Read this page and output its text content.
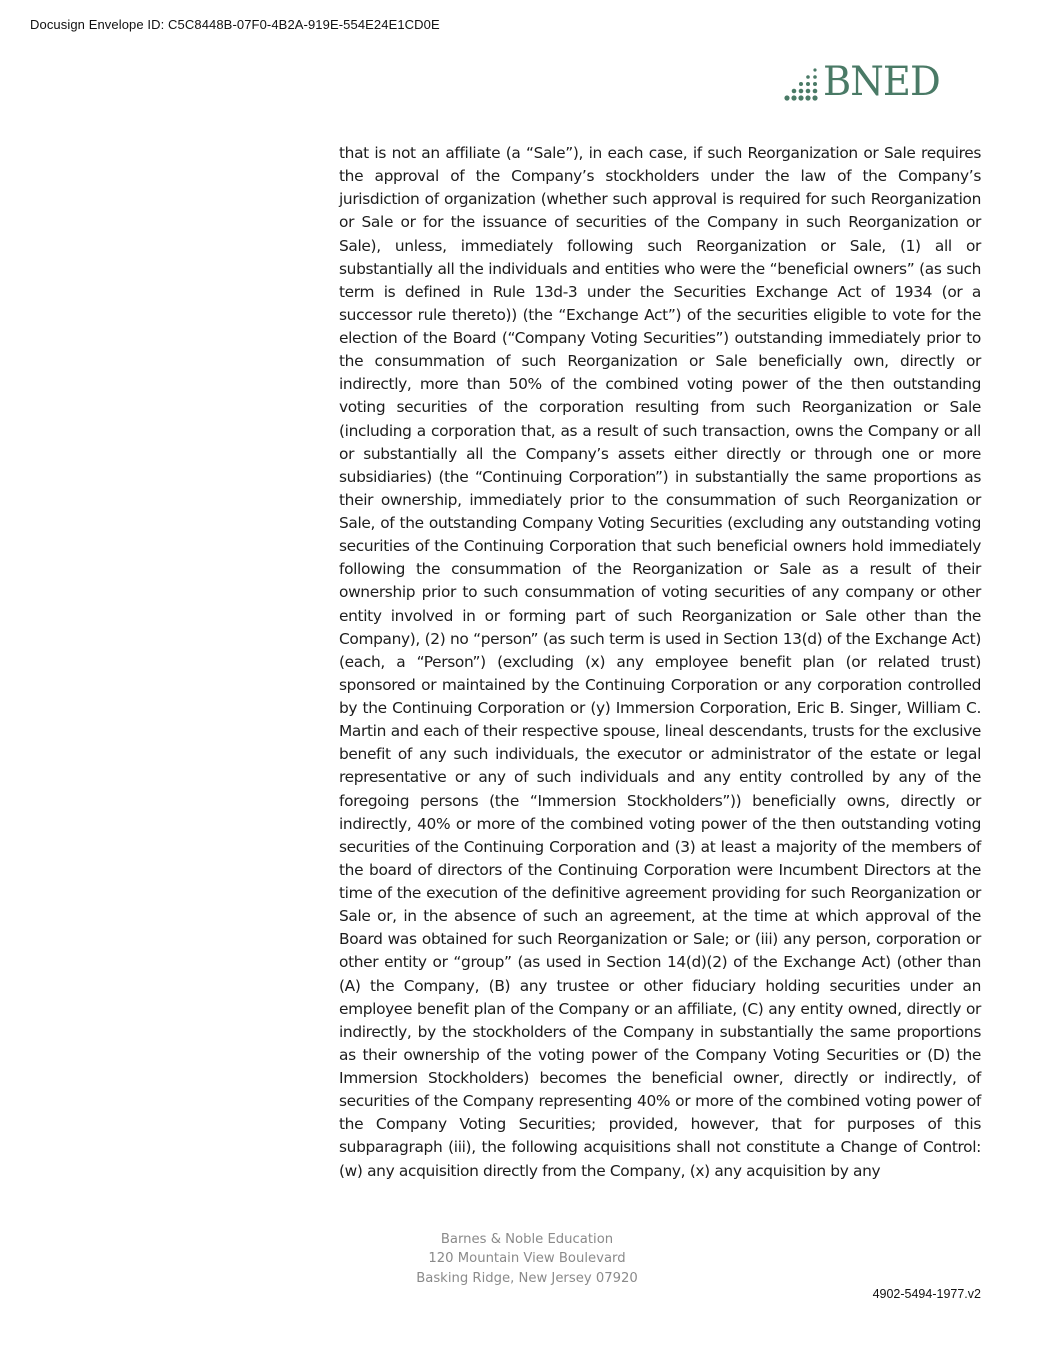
Docusign Envelope ID: C5C8448B-07F0-4B2A-919E-554E24E1CD0E
BNED

that is not an affiliate (a “Sale”), in each case, if such Reorganization or Sale requires the approval of the Company’s stockholders under the law of the Company’s jurisdiction of organization (whether such approval is required for such Reorganization or Sale or for the issuance of securities of the Company in such Reorganization or Sale), unless, immediately following such Reorganization or Sale, (1) all or substantially all the individuals and entities who were the “beneficial owners” (as such term is defined in Rule 13d-3 under the Securities Exchange Act of 1934 (or a successor rule thereto)) (the “Exchange Act”) of the securities eligible to vote for the election of the Board (“Company Voting Securities”) outstanding immediately prior to the consummation of such Reorganization or Sale beneficially own, directly or indirectly, more than 50% of the combined voting power of the then outstanding voting securities of the corporation resulting from such Reorganization or Sale (including a corporation that, as a result of such transaction, owns the Company or all or substantially all the Company’s assets either directly or through one or more subsidiaries) (the “Continuing Corporation”) in substantially the same proportions as their ownership, immediately prior to the consummation of such Reorganization or Sale, of the outstanding Company Voting Securities (excluding any outstanding voting securities of the Continuing Corporation that such beneficial owners hold immediately following the consummation of the Reorganization or Sale as a result of their ownership prior to such consummation of voting securities of any company or other entity involved in or forming part of such Reorganization or Sale other than the Company), (2) no “person” (as such term is used in Section 13(d) of the Exchange Act) (each, a “Person”) (excluding (x) any employee benefit plan (or related trust) sponsored or maintained by the Continuing Corporation or any corporation controlled by the Continuing Corporation or (y) Immersion Corporation, Eric B. Singer, William C. Martin and each of their respective spouse, lineal descendants, trusts for the exclusive benefit of any such individuals, the executor or administrator of the estate or legal representative or any of such individuals and any entity controlled by any of the foregoing persons (the “Immersion Stockholders”)) beneficially owns, directly or indirectly, 40% or more of the combined voting power of the then outstanding voting securities of the Continuing Corporation and (3) at least a majority of the members of the board of directors of the Continuing Corporation were Incumbent Directors at the time of the execution of the definitive agreement providing for such Reorganization or Sale or, in the absence of such an agreement, at the time at which approval of the Board was obtained for such Reorganization or Sale; or (iii) any person, corporation or other entity or “group” (as used in Section 14(d)(2) of the Exchange Act) (other than (A) the Company, (B) any trustee or other fiduciary holding securities under an employee benefit plan of the Company or an affiliate, (C) any entity owned, directly or indirectly, by the stockholders of the Company in substantially the same proportions as their ownership of the voting power of the Company Voting Securities or (D) the Immersion Stockholders) becomes the beneficial owner, directly or indirectly, of securities of the Company representing 40% or more of the combined voting power of the Company Voting Securities; provided, however, that for purposes of this subparagraph (iii), the following acquisitions shall not constitute a Change of Control: (w) any acquisition directly from the Company, (x) any acquisition by any

Barnes & Noble Education
120 Mountain View Boulevard
Basking Ridge, New Jersey 07920
4902-5494-1977.v2
